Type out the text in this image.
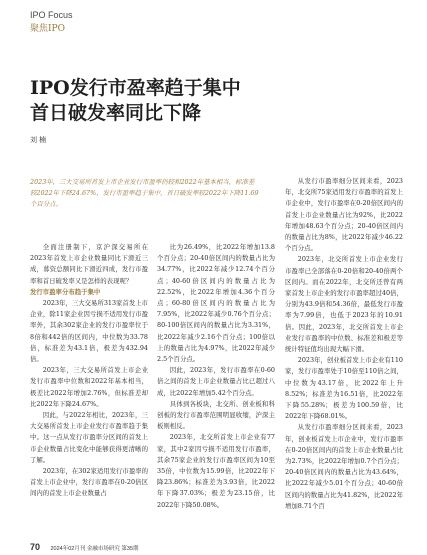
IPO Focus
聚焦IPO
IPO发行市盈率趋于集中
首日破发率同比下降
刘 楠
2023年，三大交易所首发上市企业发行市盈率仍较和2022年基本相当，标准差较2022年下降24.67%，发行市盈率趋于集中，首日破发率较2022年下降11.69个百分点。

全面注册制下，京沪深交易所在2023年首发上市企业数量同比下滑近三成，募资总额同比下滑近四成，发行市盈率和首日破发率又是怎样的表现呢？

发行市盈率分布趋于集中

2023年，三大交易所313家首发上市企业，除11家企业因亏损不适用发行市盈率外，其余302家企业的发行市盈率位于8倍和442倍的区间内，中位数为33.78倍，标准差为43.1倍，极差为432.94倍。

2023年，三大交易所首发上市企业发行市盈率中位数和2022年基本相当，极差比2022年增加2.76%，但标准差却比2022年下降24.67%。

因此，与2022年相比，2023年，三大交易所首发上市企业发行市盈率趋于集中。这一点从发行市盈率分区间的首发上市企业数量占比变化中能够获得更清晰的了解。

2023年，在302家适用发行市盈率的首发上市企业中，发行市盈率在0-20倍区间内的首发上市企业数量占

比为26.49%，比2022年增加13.8个百分点；20-40倍区间内的数量占比为34.77%，比2022年减少12.74个百分点；40-60倍区间内的数量占比为22.52%，比2022年增加4.36个百分点；60-80倍区间内的数量占比为7.95%，比2022年减少0.76个百分点；80-100倍区间内的数量占比为3.31%，比2022年减少2.16个百分点；100倍以上的数量占比为4.97%，比2022年减少2.5个百分点。

因此，2023年，发行市盈率在0-60倍之间的首发上市企业数量占比已超过八成，比2022年增加5.42个百分点。

具体到各板块，北交所、创业板和科创板的发行市盈率范围明显收缩，沪深主板则相反。

2023年，北交所首发上市企业有77家，其中2家因亏损不适用发行市盈率，其余75家企业的发行市盈率区间为10至35倍，中位数为15.99倍，比2022年下降23.86%；标准差为3.93倍，比2022年下降37.03%；极差为23.15倍，比2022年下降50.08%。

从发行市盈率细分区间来看，2023年，北交所75家适用发行市盈率的首发上市企业中，发行市盈率在0-20倍区间内的首发上市企业数量占比为92%，比2022年增加48.63个百分点；20-40倍区间内的数量占比为8%，比2022年减少46.22个百分点。

2023年，北交所首发上市企业发行市盈率已全部落在0-20倍和20-40倍两个区间内。而在2022年，北交所还曾有两家首发上市企业的发行市盈率超过40倍，分别为43.9倍和54.36倍，最低发行市盈率为7.99倍，也低于2023年的10.91倍。因此，2023年，北交所首发上市企业发行市盈率的中位数、标准差和极差等统计特征值均出现大幅下滑。

2023年，创业板首发上市企业有110家，发行市盈率处于10倍至110倍之间，中位数为43.17倍，比2022年上升8.52%；标准差为16.51倍，比2022年下降55.28%；极差为100.59倍，比2022年下降68.01%。

从发行市盈率细分区间来看，2023年，创业板首发上市企业中，发行市盈率在0-20倍区间内的首发上市企业数量占比为2.73%，比2022年增加0.7个百分点；20-40倍区间内的数量占比为43.64%，比2022年减少5.01个百分点；40-60倍区间内的数量占比为41.82%，比2022年增加8.71个百

70 2024年02月刊 金融市场研究 第35期
